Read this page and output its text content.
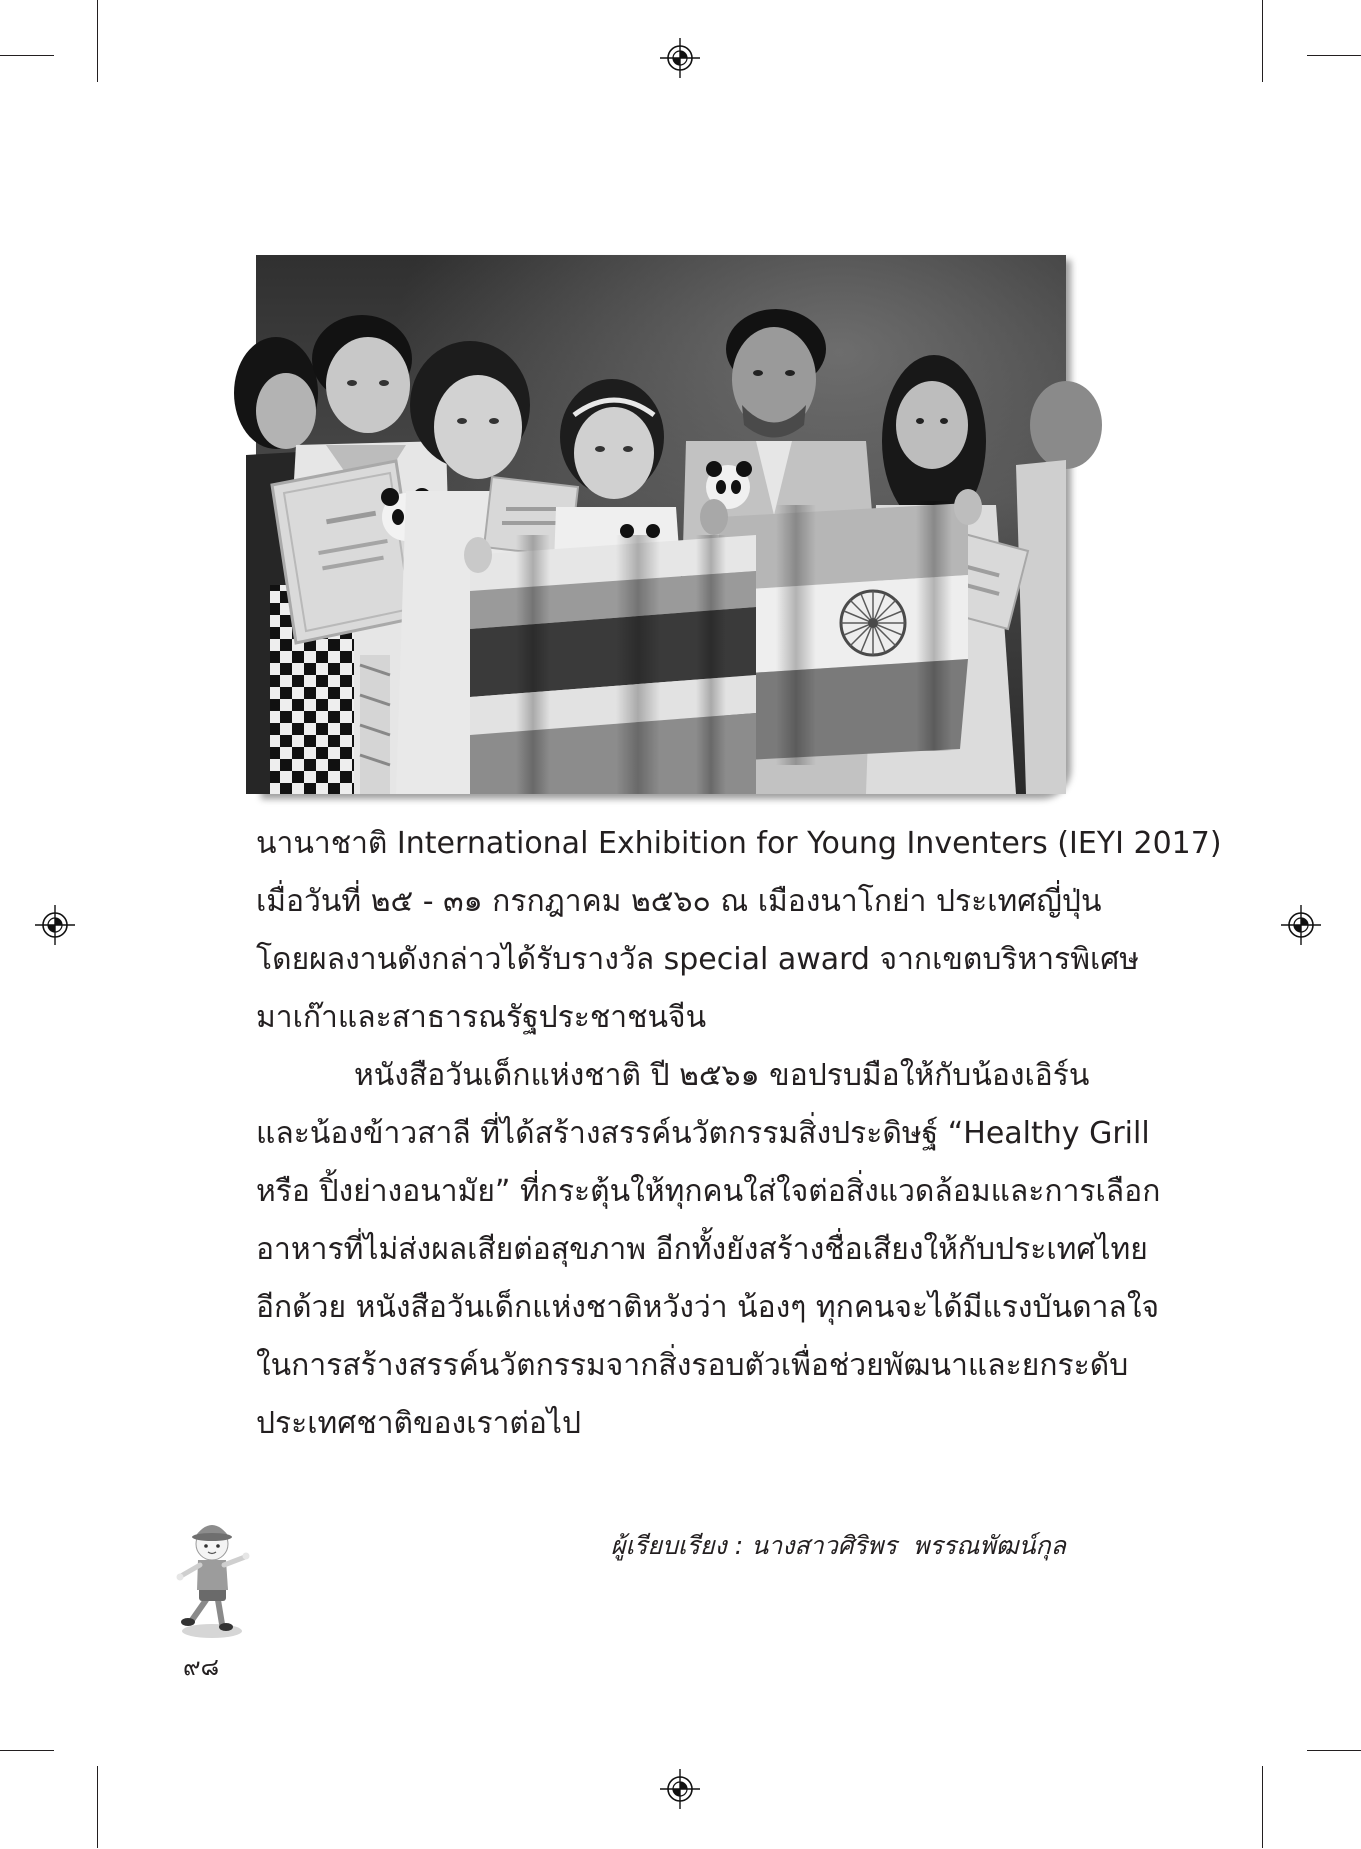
นานาชาติ International Exhibition for Young Inventers (IEYI 2017)
เมื่อวันที่ ๒๕ - ๓๑ กรกฎาคม ๒๕๖๐ ณ เมืองนาโกย่า ประเทศญี่ปุ่น
โดยผลงานดังกล่าวได้รับรางวัล special award จากเขตบริหารพิเศษ
มาเก๊าและสาธารณรัฐประชาชนจีน
หนังสือวันเด็กแห่งชาติ ปี ๒๕๖๑ ขอปรบมือให้กับน้องเอิร์น
และน้องข้าวสาลี ที่ได้สร้างสรรค์นวัตกรรมสิ่งประดิษฐ์ “Healthy Grill
หรือ ปิ้งย่างอนามัย” ที่กระตุ้นให้ทุกคนใส่ใจต่อสิ่งแวดล้อมและการเลือก
อาหารที่ไม่ส่งผลเสียต่อสุขภาพ อีกทั้งยังสร้างชื่อเสียงให้กับประเทศไทย
อีกด้วย หนังสือวันเด็กแห่งชาติหวังว่า น้องๆ ทุกคนจะได้มีแรงบันดาลใจ
ในการสร้างสรรค์นวัตกรรมจากสิ่งรอบตัวเพื่อช่วยพัฒนาและยกระดับ
ประเทศชาติของเราต่อไป
ผู้เรียบเรียง : นางสาวศิริพร  พรรณพัฒน์กุล
๙๘
